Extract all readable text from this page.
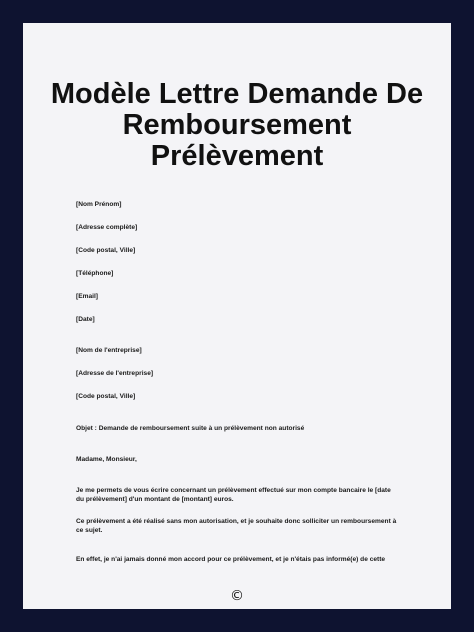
Modèle Lettre Demande De
Remboursement
Prélèvement

[Nom Prénom]

[Adresse complète]

[Code postal, Ville]

[Téléphone]

[Email]

[Date]

[Nom de l'entreprise]

[Adresse de l'entreprise]

[Code postal, Ville]

Objet : Demande de remboursement suite à un prélèvement non autorisé

Madame, Monsieur,

Je me permets de vous écrire concernant un prélèvement effectué sur mon compte bancaire le [date du prélèvement] d'un montant de [montant] euros.

Ce prélèvement a été réalisé sans mon autorisation, et je souhaite donc solliciter un remboursement à ce sujet.

En effet, je n'ai jamais donné mon accord pour ce prélèvement, et je n'étais pas informé(e) de cette

©
